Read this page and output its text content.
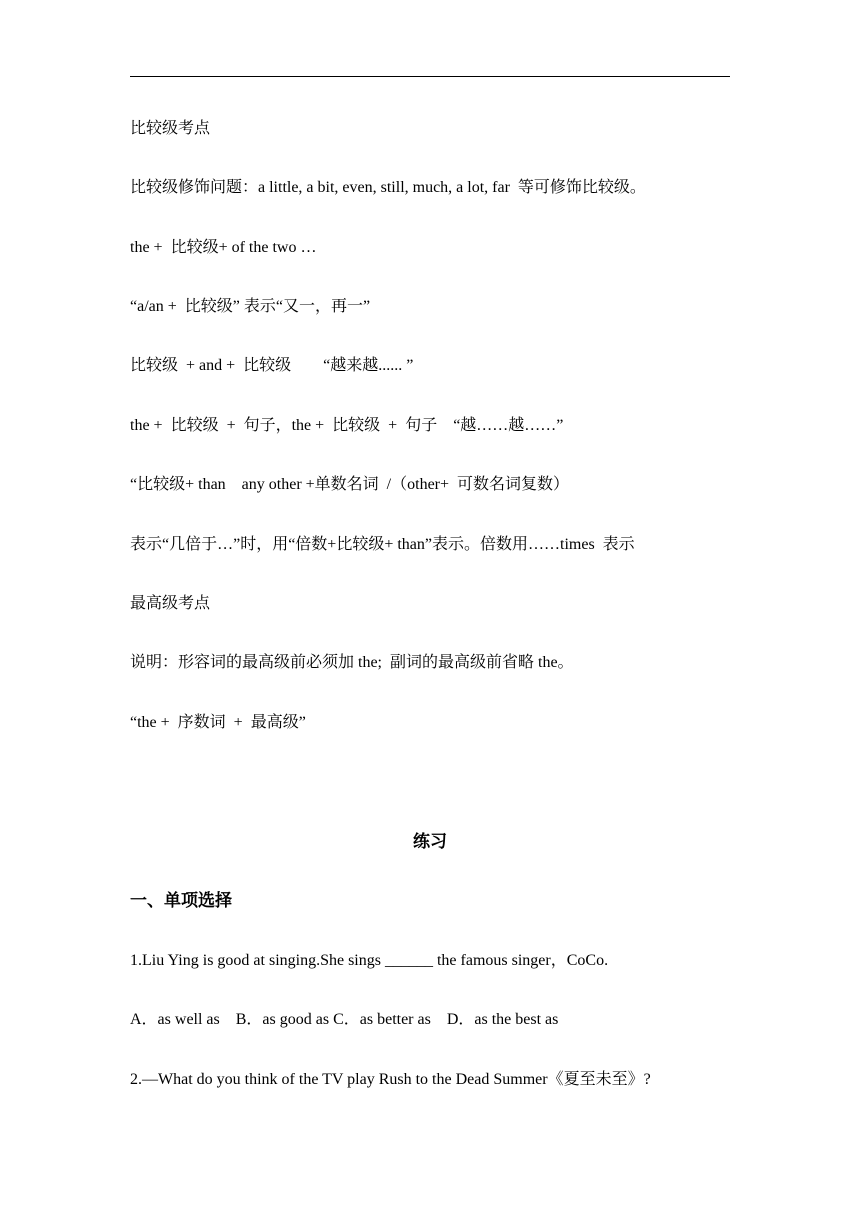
比较级考点
比较级修饰问题：a little, a bit, even, still, much, a lot, far  等可修饰比较级。
the +  比较级+ of the two …
“a/an +  比较级” 表示“又一，再一”
比较级  + and +  比较级        “越来越...... ”
the +  比较级  +  句子，the +  比较级  +  句子    “越……越……”
“比较级+ than    any other +单数名词  /（other+  可数名词复数）
表示“几倍于…”时，用“倍数+比较级+ than”表示。倍数用……times  表示
最高级考点
说明：形容词的最高级前必须加 the;  副词的最高级前省略 the。
“the +  序数词  +  最高级”
练习
一、单项选择
1.Liu Ying is good at singing.She sings ______ the famous singer，CoCo.
A．as well as    B．as good as C．as better as    D．as the best as
2.—What do you think of the TV play Rush to the Dead Summer《夏至未至》?
